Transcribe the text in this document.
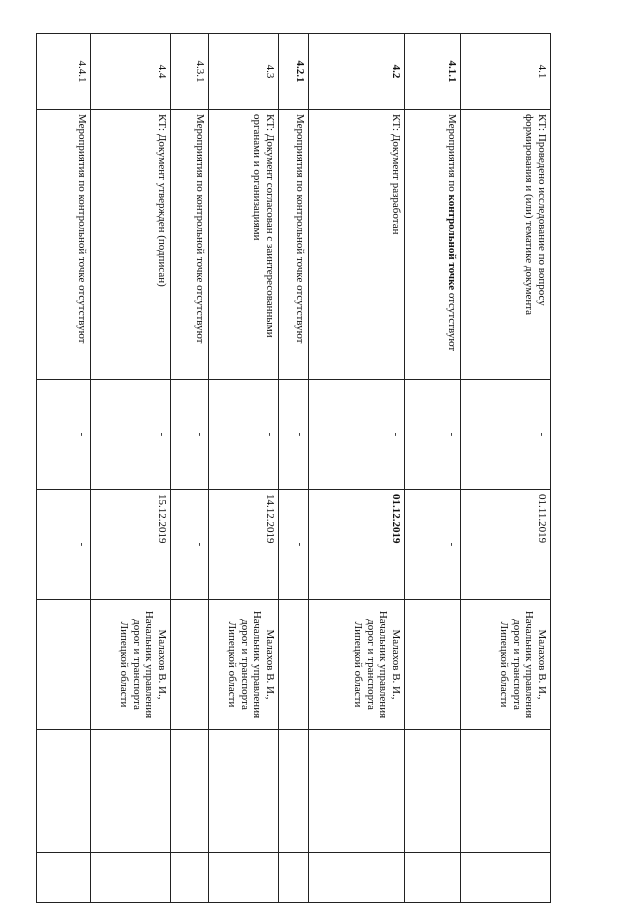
4.1	КТ: Проведено исследование по вопросу формирования и (или) тематике документа	-	01.11.2019	Малахов В. И., Начальник управления дорог и транспорта Липецкой области		
4.1.1	Мероприятия по контрольной точке отсутствуют	-	-			
4.2	КТ: Документ разработан	-	01.12.2019	Малахов В. И., Начальник управления дорог и транспорта Липецкой области		
4.2.1	Мероприятия по контрольной точке отсутствуют	-	-			
4.3	КТ: Документ согласован с заинтересованными органами и организациями	-	14.12.2019	Малахов В. И., Начальник управления дорог и транспорта Липецкой области		
4.3.1	Мероприятия по контрольной точке отсутствуют	-	-			
4.4	КТ: Документ утвержден (подписан)	-	15.12.2019	Малахов В. И., Начальник управления дорог и транспорта Липецкой области		
4.4.1	Мероприятия по контрольной точке отсутствуют	-	-			
